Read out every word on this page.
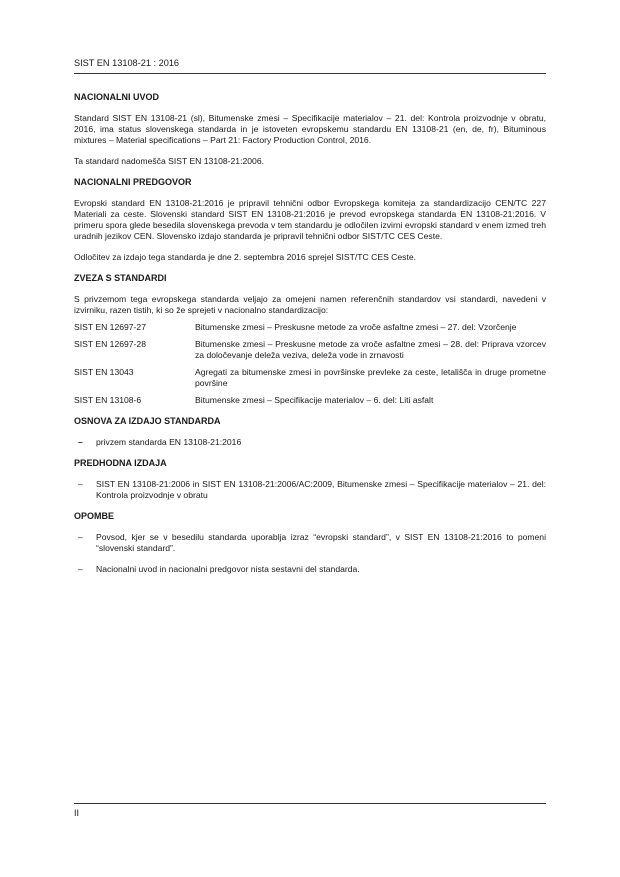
SIST EN 13108-21 : 2016
NACIONALNI UVOD

Standard SIST EN 13108-21 (sl), Bitumenske zmesi – Specifikacije materialov – 21. del: Kontrola proizvodnje v obratu, 2016, ima status slovenskega standarda in je istoveten evropskemu standardu EN 13108-21 (en, de, fr), Bituminous mixtures – Material specifications – Part 21: Factory Production Control, 2016.

Ta standard nadomešča SIST EN 13108-21:2006.

NACIONALNI PREDGOVOR

Evropski standard EN 13108-21:2016 je pripravil tehnični odbor Evropskega komiteja za standardizacijo CEN/TC 227 Materiali za ceste. Slovenski standard SIST EN 13108-21:2016 je prevod evropskega standarda EN 13108-21:2016. V primeru spora glede besedila slovenskega prevoda v tem standardu je odločilen izvirni evropski standard v enem izmed treh uradnih jezikov CEN. Slovensko izdajo standarda je pripravil tehnični odbor SIST/TC CES Ceste.

Odločitev za izdajo tega standarda je dne 2. septembra 2016 sprejel SIST/TC CES Ceste.

ZVEZA S STANDARDI

S privzemom tega evropskega standarda veljajo za omejeni namen referenčnih standardov vsi standardi, navedeni v izvirniku, razen tistih, ki so že sprejeti v nacionalno standardizacijo:

SIST EN 12697-27	Bitumenske zmesi – Preskusne metode za vroče asfaltne zmesi – 27. del: Vzorčenje
SIST EN 12697-28	Bitumenske zmesi – Preskusne metode za vroče asfaltne zmesi – 28. del: Priprava vzorcev za določevanje deleža veziva, deleža vode in zrnavosti
SIST EN 13043	Agregati za bitumenske zmesi in površinske prevleke za ceste, letališča in druge prometne površine
SIST EN 13108-6	Bitumenske zmesi – Specifikacije materialov – 6. del: Liti asfalt
OSNOVA ZA IZDAJO STANDARDA
–	privzem standarda EN 13108-21:2016
PREDHODNA IZDAJA
–	SIST EN 13108-21:2006 in SIST EN 13108-21:2006/AC:2009, Bitumenske zmesi – Specifikacije materialov – 21. del: Kontrola proizvodnje v obratu
OPOMBE
–	Povsod, kjer se v besedilu standarda uporablja izraz “evropski standard”, v SIST EN 13108-21:2016 to pomeni “slovenski standard”.
–	Nacionalni uvod in nacionalni predgovor nista sestavni del standarda.
II
